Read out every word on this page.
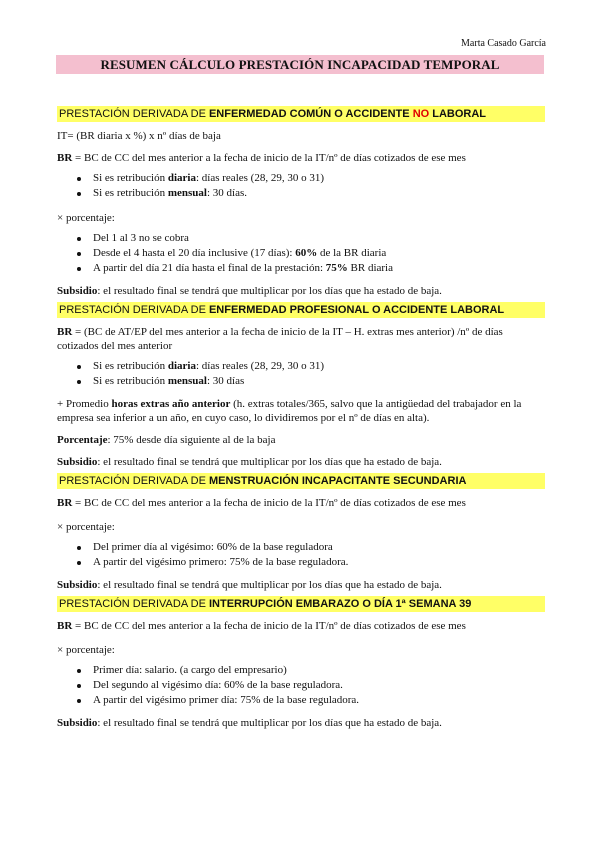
Marta Casado García
RESUMEN CÁLCULO PRESTACIÓN INCAPACIDAD TEMPORAL
PRESTACIÓN DERIVADA DE ENFERMEDAD COMÚN O ACCIDENTE NO LABORAL

IT= (BR diaria x %) x nº días de baja

BR = BC de CC del mes anterior a la fecha de inicio de la IT/nº de días cotizados de ese mes

Si es retribución diaria: días reales (28, 29, 30 o 31)
Si es retribución mensual: 30 días.

× porcentaje:

Del 1 al 3 no se cobra
Desde el 4 hasta el 20 día inclusive (17 días): 60% de la BR diaria
A partir del día 21 día hasta el final de la prestación: 75% BR diaria

Subsidio: el resultado final se tendrá que multiplicar por los días que ha estado de baja.

PRESTACIÓN DERIVADA DE ENFERMEDAD PROFESIONAL O ACCIDENTE LABORAL

BR = (BC de AT/EP del mes anterior a la fecha de inicio de la IT – H. extras mes anterior) /nº de días cotizados del mes anterior

Si es retribución diaria: días reales (28, 29, 30 o 31)
Si es retribución mensual: 30 días

+ Promedio horas extras año anterior (h. extras totales/365, salvo que la antigüedad del trabajador en la empresa sea inferior a un año, en cuyo caso, lo dividiremos por el nº de días en alta).

Porcentaje: 75% desde día siguiente al de la baja

Subsidio: el resultado final se tendrá que multiplicar por los días que ha estado de baja.

PRESTACIÓN DERIVADA DE MENSTRUACIÓN INCAPACITANTE SECUNDARIA

BR = BC de CC del mes anterior a la fecha de inicio de la IT/nº de días cotizados de ese mes

× porcentaje:

Del primer día al vigésimo: 60% de la base reguladora
A partir del vigésimo primero: 75% de la base reguladora.

Subsidio: el resultado final se tendrá que multiplicar por los días que ha estado de baja.

PRESTACIÓN DERIVADA DE INTERRUPCIÓN EMBARAZO O DÍA 1ª SEMANA 39

BR = BC de CC del mes anterior a la fecha de inicio de la IT/nº de días cotizados de ese mes

× porcentaje:

Primer día: salario. (a cargo del empresario)
Del segundo al vigésimo día: 60% de la base reguladora.
A partir del vigésimo primer día: 75% de la base reguladora.

Subsidio: el resultado final se tendrá que multiplicar por los días que ha estado de baja.
